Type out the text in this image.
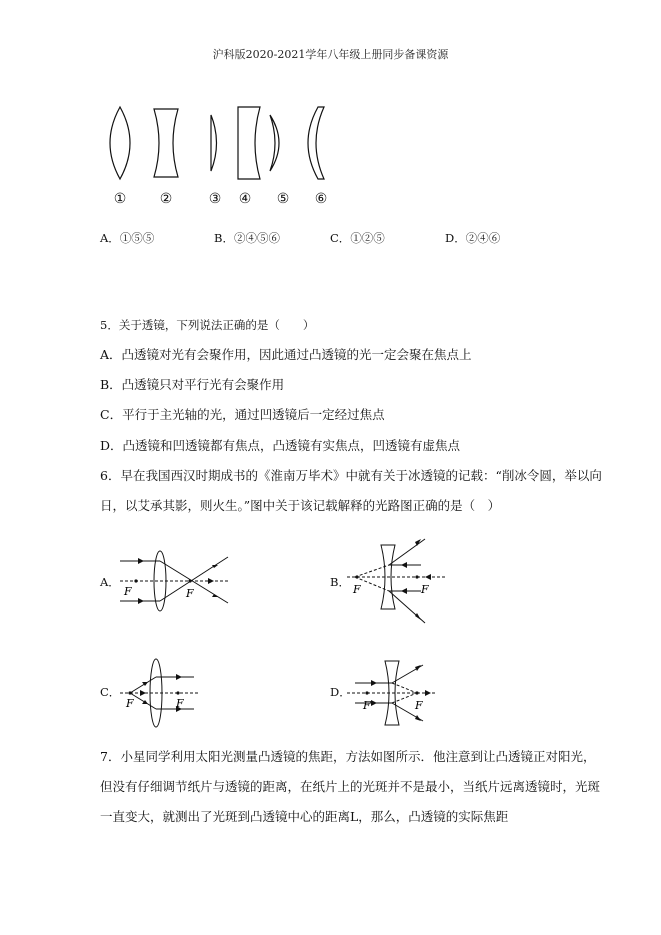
沪科版2020-2021学年八年级上册同步备课资源
① ②	③ ④ ⑤ ⑥
A．①⑤⑤	B．②④⑤⑥	C．①②⑤	D．②④⑥
5．关于透镜，下列说法正确的是（　　）
A．凸透镜对光有会聚作用，因此通过凸透镜的光一定会聚在焦点上
B．凸透镜只对平行光有会聚作用
C．平行于主光轴的光，通过凹透镜后一定经过焦点
D．凸透镜和凹透镜都有焦点，凸透镜有实焦点，凹透镜有虚焦点
6．早在我国西汉时期成书的《淮南万毕术》中就有关于冰透镜的记载：“削冰令圆，举以向
日，以艾承其影，则火生。”图中关于该记载解释的光路图正确的是（　）
A．
F	F
B．
F	F
C．
F	F
D．
F	F
7．小星同学利用太阳光测量凸透镜的焦距，方法如图所示．他注意到让凸透镜正对阳光，
但没有仔细调节纸片与透镜的距离，在纸片上的光斑并不是最小，当纸片远离透镜时，光斑
一直变大，就测出了光斑到凸透镜中心的距离L，那么，凸透镜的实际焦距
